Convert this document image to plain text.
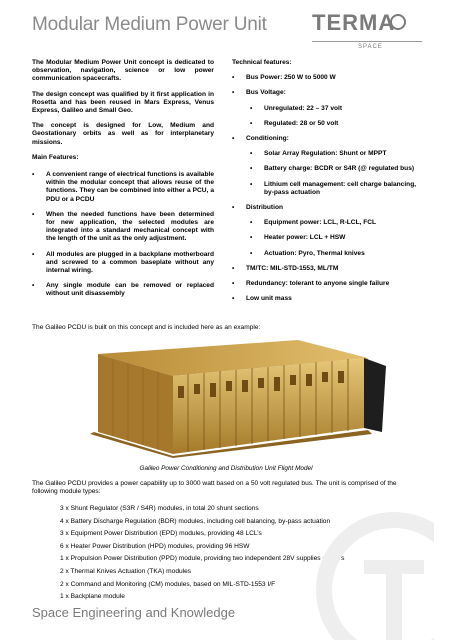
Modular Medium Power Unit TERMA
SPACE

The Modular Medium Power Unit concept is dedicated to observation, navigation, science or low power communication spacecrafts.

The design concept was qualified by it first application in Rosetta and has been reused in Mars Express, Venus Express, Galileo and Small Geo.

The concept is designed for Low, Medium and Geostationary orbits as well as for interplanetary missions.

Main Features:

• A convenient range of electrical functions is available within the modular concept that allows reuse of the functions. They can be combined into either a PCU, a PDU or a PCDU
• When the needed functions have been determined for new application, the selected modules are integrated into a standard mechanical concept with the length of the unit as the only adjustment.
• All modules are plugged in a backplane motherboard and screwed to a common baseplate without any internal wiring.
• Any single module can be removed or replaced without unit disassembly

Technical features:

• Bus Power: 250 W to 5000 W
• Bus Voltage:
• Unregulated: 22 – 37 volt
• Regulated: 28 or 50 volt
• Conditioning:
• Solar Array Regulation: Shunt or MPPT
• Battery charge: BCDR or S4R (@ regulated bus)
• Lithium cell management: cell charge balancing, by-pass actuation
• Distribution
• Equipment power: LCL, R-LCL, FCL
• Heater power: LCL + HSW
• Actuation: Pyro, Thermal knives
• TM/TC: MIL-STD-1553, ML/TM
• Redundancy: tolerant to anyone single failure
• Low unit mass
The Galileo PCDU is built on this concept and is included here as an example:
Galileo Power Conditioning and Distribution Unit Flight Model
The Galileo PCDU provides a power capability up to 3000 watt based on a 50 volt regulated bus. The unit is comprised of the following module types:
3 x Shunt Regulator (S3R / S4R) modules, in total 20 shunt sections
4 x Battery Discharge Regulation (BDR) modules, including cell balancing, by-pass actuation
3 x Equipment Power Distribution (EPD) modules, providing 48 LCL’s
6 x Heater Power Distribution (HPD) modules, providing 96 HSW
1 x Propulsion Power Distribution (PPD) module, providing two independent 28V supplies + LCL’s
2 x Thermal Knives Actuation (TKA) modules
2 x Command and Monitoring (CM) modules, based on MIL-STD-1553 I/F
1 x Backplane module
Space Engineering and Knowledge
